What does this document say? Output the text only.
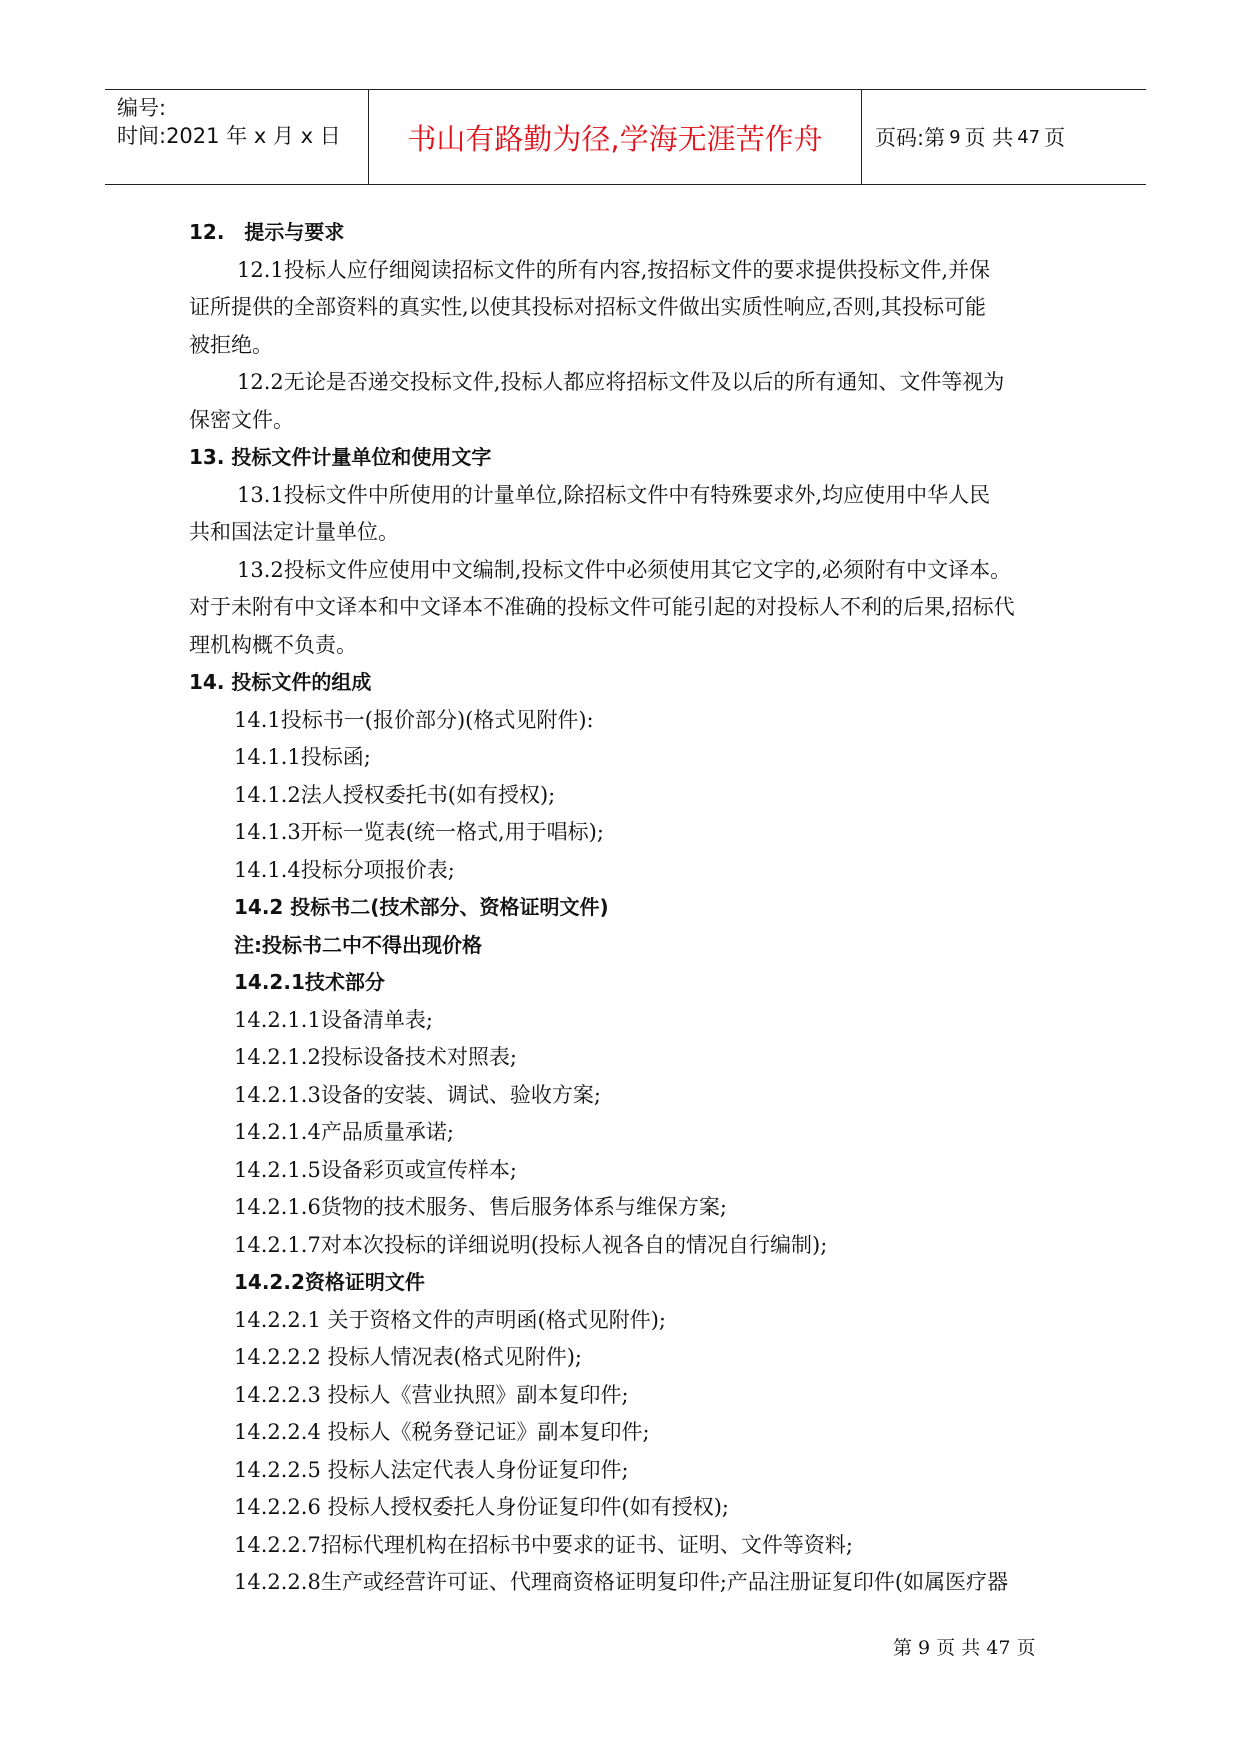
编号:
时间:2021 年 x 月 x 日	书山有路勤为径,学海无涯苦作舟 页码:第 9 页 共 47 页
12.　提示与要求
12.1投标人应仔细阅读招标文件的所有内容,按招标文件的要求提供投标文件,并保
证所提供的全部资料的真实性,以使其投标对招标文件做出实质性响应,否则,其投标可能
被拒绝。
12.2无论是否递交投标文件,投标人都应将招标文件及以后的所有通知、文件等视为
保密文件。
13. 投标文件计量单位和使用文字
13.1投标文件中所使用的计量单位,除招标文件中有特殊要求外,均应使用中华人民
共和国法定计量单位。
13.2投标文件应使用中文编制,投标文件中必须使用其它文字的,必须附有中文译本。
对于未附有中文译本和中文译本不准确的投标文件可能引起的对投标人不利的后果,招标代
理机构概不负责。
14. 投标文件的组成
14.1投标书一(报价部分)(格式见附件):
14.1.1投标函;
14.1.2法人授权委托书(如有授权);
14.1.3开标一览表(统一格式,用于唱标);
14.1.4投标分项报价表;
14.2 投标书二(技术部分、资格证明文件)
注:投标书二中不得出现价格
14.2.1技术部分
14.2.1.1设备清单表;
14.2.1.2投标设备技术对照表;
14.2.1.3设备的安装、调试、验收方案;
14.2.1.4产品质量承诺;
14.2.1.5设备彩页或宣传样本;
14.2.1.6货物的技术服务、售后服务体系与维保方案;
14.2.1.7对本次投标的详细说明(投标人视各自的情况自行编制);
14.2.2资格证明文件
14.2.2.1 关于资格文件的声明函(格式见附件);
14.2.2.2 投标人情况表(格式见附件);
14.2.2.3 投标人《营业执照》副本复印件;
14.2.2.4 投标人《税务登记证》副本复印件;
14.2.2.5 投标人法定代表人身份证复印件;
14.2.2.6 投标人授权委托人身份证复印件(如有授权);
14.2.2.7招标代理机构在招标书中要求的证书、证明、文件等资料;
14.2.2.8生产或经营许可证、代理商资格证明复印件;产品注册证复印件(如属医疗器
第 9 页 共 47 页
